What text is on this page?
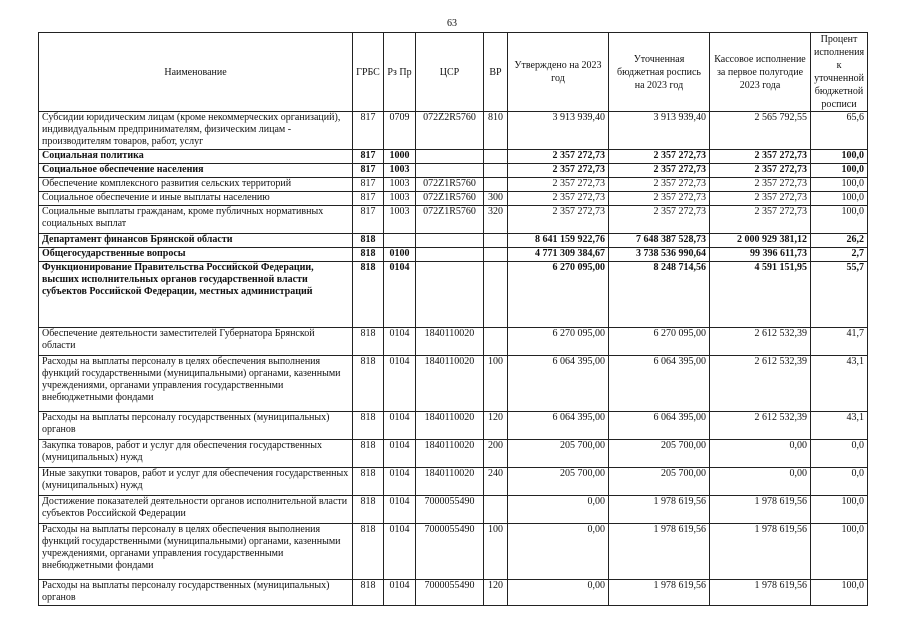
63
Наименование	ГРБС	Рз Пр	ЦСР	ВР	Утверждено на 2023 год	Уточненная бюджетная роспись на 2023 год	Кассовое исполнение за первое полугодие 2023 года	Процент исполнения к уточненной бюджетной росписи
Субсидии юридическим лицам (кроме некоммерческих организаций), индивидуальным предпринимателям, физическим лицам - производителям товаров, работ, услуг	817	0709	072Z2R5760	810	3 913 939,40	3 913 939,40	2 565 792,55	65,6
Социальная политика	817	1000			2 357 272,73	2 357 272,73	2 357 272,73	100,0
Социальное обеспечение населения	817	1003			2 357 272,73	2 357 272,73	2 357 272,73	100,0
Обеспечение комплексного развития сельских территорий	817	1003	072Z1R5760		2 357 272,73	2 357 272,73	2 357 272,73	100,0
Социальное обеспечение и иные выплаты населению	817	1003	072Z1R5760	300	2 357 272,73	2 357 272,73	2 357 272,73	100,0
Социальные выплаты гражданам, кроме публичных нормативных социальных выплат	817	1003	072Z1R5760	320	2 357 272,73	2 357 272,73	2 357 272,73	100,0
Департамент финансов Брянской области	818				8 641 159 922,76	7 648 387 528,73	2 000 929 381,12	26,2
Общегосударственные вопросы	818	0100			4 771 309 384,67	3 738 536 990,64	99 396 611,73	2,7
Функционирование Правительства Российской Федерации, высших исполнительных органов государственной власти субъектов Российской Федерации, местных администраций	818	0104			6 270 095,00	8 248 714,56	4 591 151,95	55,7
Обеспечение деятельности заместителей Губернатора Брянской области	818	0104	1840110020		6 270 095,00	6 270 095,00	2 612 532,39	41,7
Расходы на выплаты персоналу в целях обеспечения выполнения функций государственными (муниципальными) органами, казенными учреждениями, органами управления государственными внебюджетными фондами	818	0104	1840110020	100	6 064 395,00	6 064 395,00	2 612 532,39	43,1
Расходы на выплаты персоналу государственных (муниципальных) органов	818	0104	1840110020	120	6 064 395,00	6 064 395,00	2 612 532,39	43,1
Закупка товаров, работ и услуг для обеспечения государственных (муниципальных) нужд	818	0104	1840110020	200	205 700,00	205 700,00	0,00	0,0
Иные закупки товаров, работ и услуг для обеспечения государственных (муниципальных) нужд	818	0104	1840110020	240	205 700,00	205 700,00	0,00	0,0
Достижение показателей деятельности органов исполнительной власти субъектов Российской Федерации	818	0104	7000055490		0,00	1 978 619,56	1 978 619,56	100,0
Расходы на выплаты персоналу в целях обеспечения выполнения функций государственными (муниципальными) органами, казенными учреждениями, органами управления государственными внебюджетными фондами	818	0104	7000055490	100	0,00	1 978 619,56	1 978 619,56	100,0
Расходы на выплаты персоналу государственных (муниципальных) органов	818	0104	7000055490	120	0,00	1 978 619,56	1 978 619,56	100,0
